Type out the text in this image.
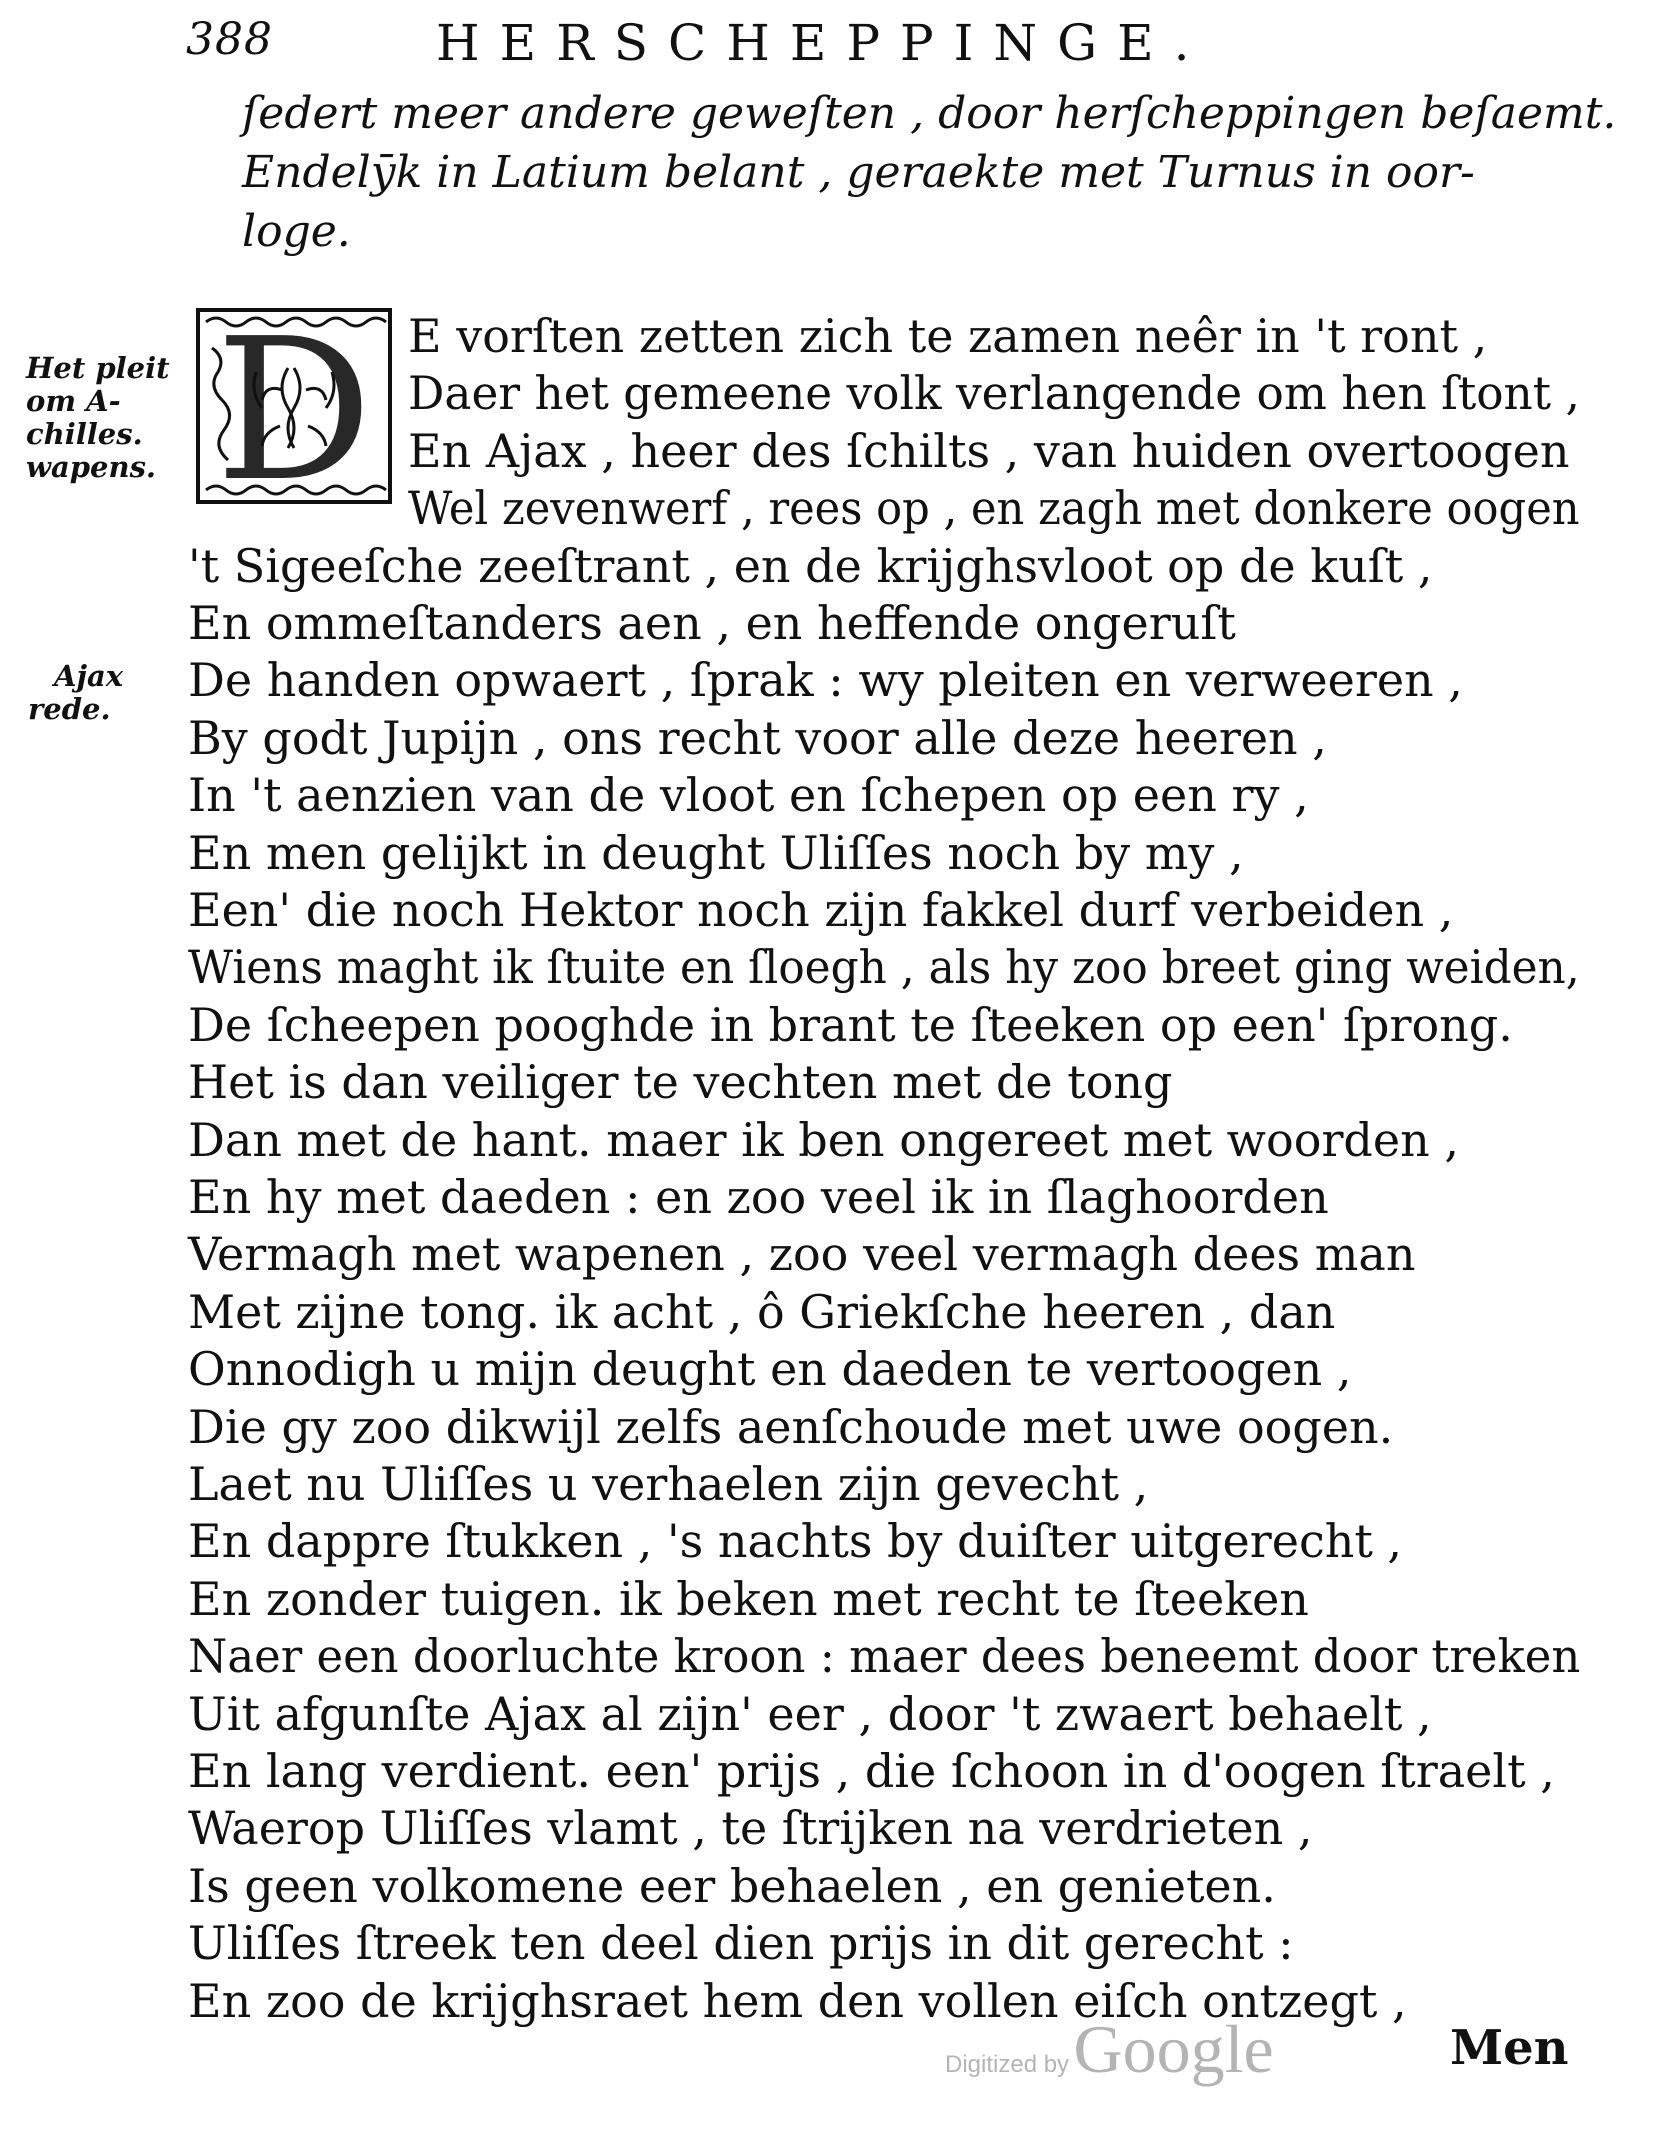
388	HERSCHEPPINGE.
ſedert meer andere geweſten , door herſcheppingen beſaemt.
Endelȳk in Latium belant , geraekte met Turnus in oor-
loge.
Het pleit
om A-
chilles.
wapens.
Ajax
rede.
D E vorſten zetten zich te zamen neêr in 't ront ,
Daer het gemeene volk verlangende om hen ſtont ,
En Ajax , heer des ſchilts , van huiden overtoogen
Wel zevenwerf , rees op , en zagh met donkere oogen
't Sigeeſche zeeſtrant , en de krijghsvloot op de kuſt ,
En ommeſtanders aen , en heffende ongeruſt
De handen opwaert , ſprak : wy pleiten en verweeren ,
By godt Jupijn , ons recht voor alle deze heeren ,
In 't aenzien van de vloot en ſchepen op een ry ,
En men gelijkt in deught Uliſſes noch by my ,
Een' die noch Hektor noch zijn fakkel durf verbeiden ,
Wiens maght ik ſtuite en ſloegh , als hy zoo breet ging weiden,
De ſcheepen pooghde in brant te ſteeken op een' ſprong.
Het is dan veiliger te vechten met de tong
Dan met de hant. maer ik ben ongereet met woorden ,
En hy met daeden : en zoo veel ik in ſlaghoorden
Vermagh met wapenen , zoo veel vermagh dees man
Met zijne tong. ik acht , ô Griekſche heeren , dan
Onnodigh u mijn deught en daeden te vertoogen ,
Die gy zoo dikwijl zelfs aenſchoude met uwe oogen.
Laet nu Uliſſes u verhaelen zijn gevecht ,
En dappre ſtukken , 's nachts by duiſter uitgerecht ,
En zonder tuigen. ik beken met recht te ſteeken
Naer een doorluchte kroon : maer dees beneemt door treken
Uit afgunſte Ajax al zijn' eer , door 't zwaert behaelt ,
En lang verdient. een' prijs , die ſchoon in d'oogen ſtraelt ,
Waerop Uliſſes vlamt , te ſtrijken na verdrieten ,
Is geen volkomene eer behaelen , en genieten.
Uliſſes ſtreek ten deel dien prijs in dit gerecht :
En zoo de krijghsraet hem den vollen eiſch ontzegt ,
Men
Digitized by Google
